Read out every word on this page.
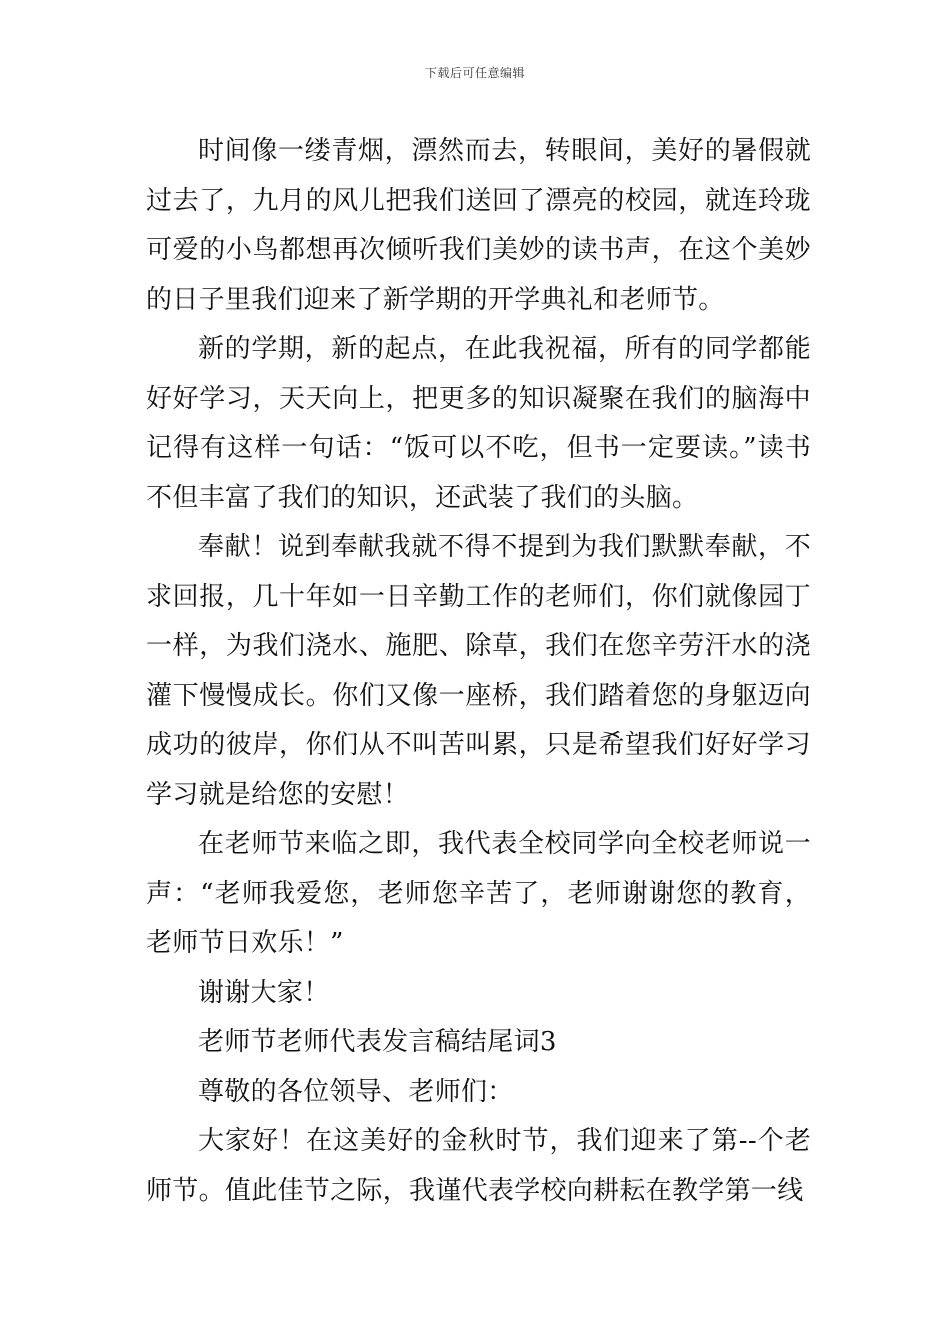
下载后可任意编辑

时间像一缕青烟，漂然而去，转眼间，美好的暑假就过去了，九月的风儿把我们送回了漂亮的校园，就连玲珑可爱的小鸟都想再次倾听我们美妙的读书声，在这个美妙的日子里我们迎来了新学期的开学典礼和老师节。

新的学期，新的起点，在此我祝福，所有的同学都能好好学习，天天向上，把更多的知识凝聚在我们的脑海中记得有这样一句话：“饭可以不吃，但书一定要读。”读书不但丰富了我们的知识，还武装了我们的头脑。

奉献！说到奉献我就不得不提到为我们默默奉献，不求回报，几十年如一日辛勤工作的老师们，你们就像园丁一样，为我们浇水、施肥、除草，我们在您辛劳汗水的浇灌下慢慢成长。你们又像一座桥，我们踏着您的身躯迈向成功的彼岸，你们从不叫苦叫累，只是希望我们好好学习学习就是给您的安慰！

在老师节来临之即，我代表全校同学向全校老师说一声：“老师我爱您，老师您辛苦了，老师谢谢您的教育，老师节日欢乐！”

谢谢大家！

老师节老师代表发言稿结尾词3

尊敬的各位领导、老师们：

大家好！在这美好的金秋时节，我们迎来了第--个老师节。值此佳节之际，我谨代表学校向耕耘在教学第一线
